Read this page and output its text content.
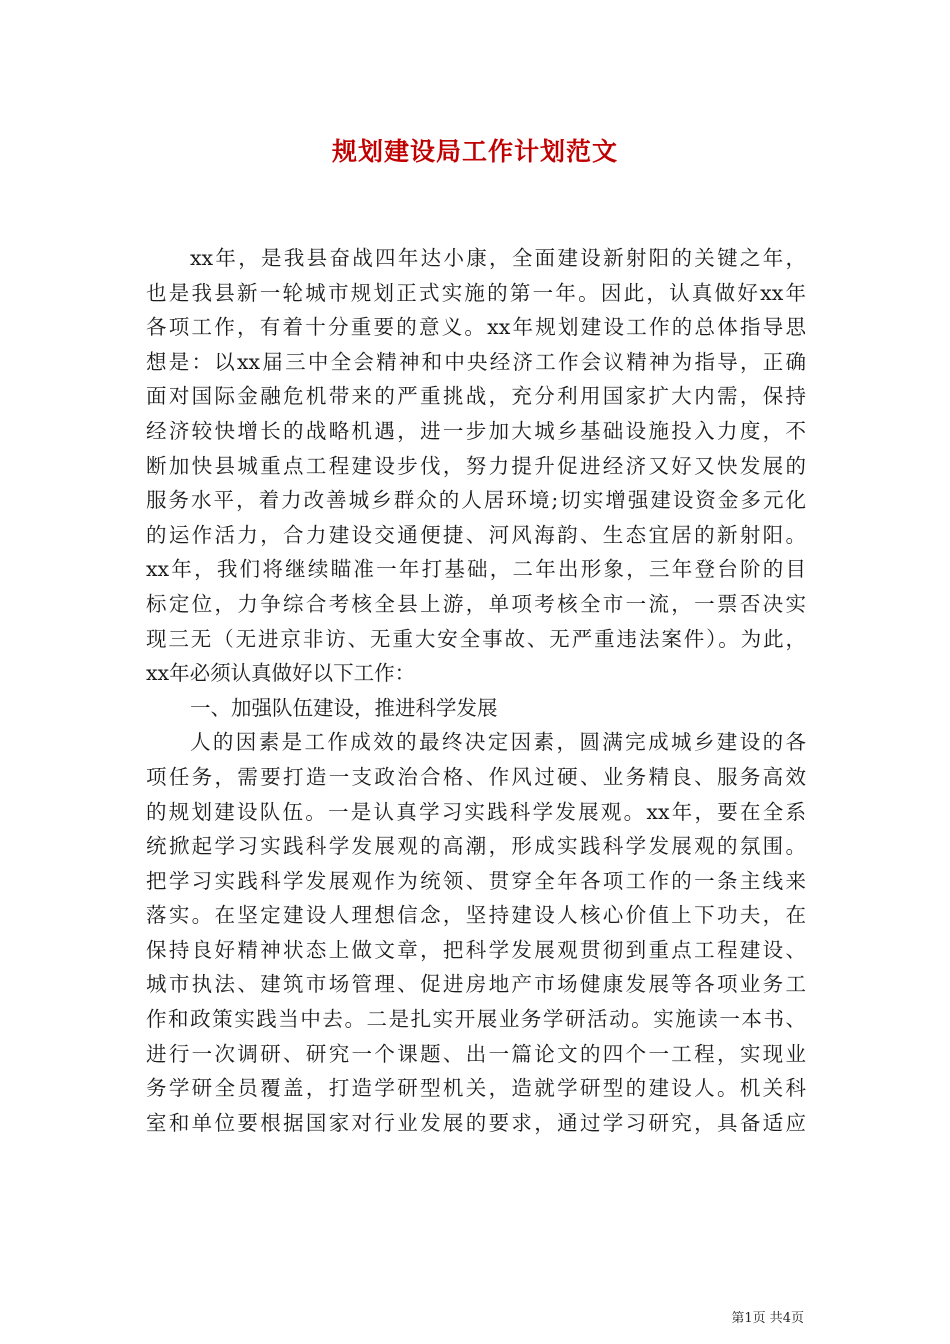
规划建设局工作计划范文
xx年，是我县奋战四年达小康，全面建设新射阳的关键之年，
也是我县新一轮城市规划正式实施的第一年。因此，认真做好xx年
各项工作，有着十分重要的意义。xx年规划建设工作的总体指导思
想是：以xx届三中全会精神和中央经济工作会议精神为指导，正确
面对国际金融危机带来的严重挑战，充分利用国家扩大内需，保持
经济较快增长的战略机遇，进一步加大城乡基础设施投入力度，不
断加快县城重点工程建设步伐，努力提升促进经济又好又快发展的
服务水平，着力改善城乡群众的人居环境;切实增强建设资金多元化
的运作活力，合力建设交通便捷、河风海韵、生态宜居的新射阳。
xx年，我们将继续瞄准一年打基础，二年出形象，三年登台阶的目
标定位，力争综合考核全县上游，单项考核全市一流，一票否决实
现三无（无进京非访、无重大安全事故、无严重违法案件）。为此，
xx年必须认真做好以下工作：
一、加强队伍建设，推进科学发展
人的因素是工作成效的最终决定因素，圆满完成城乡建设的各
项任务，需要打造一支政治合格、作风过硬、业务精良、服务高效
的规划建设队伍。一是认真学习实践科学发展观。xx年，要在全系
统掀起学习实践科学发展观的高潮，形成实践科学发展观的氛围。
把学习实践科学发展观作为统领、贯穿全年各项工作的一条主线来
落实。在坚定建设人理想信念，坚持建设人核心价值上下功夫，在
保持良好精神状态上做文章，把科学发展观贯彻到重点工程建设、
城市执法、建筑市场管理、促进房地产市场健康发展等各项业务工
作和政策实践当中去。二是扎实开展业务学研活动。实施读一本书、
进行一次调研、研究一个课题、出一篇论文的四个一工程，实现业
务学研全员覆盖，打造学研型机关，造就学研型的建设人。机关科
室和单位要根据国家对行业发展的要求，通过学习研究，具备适应
第1页 共4页
